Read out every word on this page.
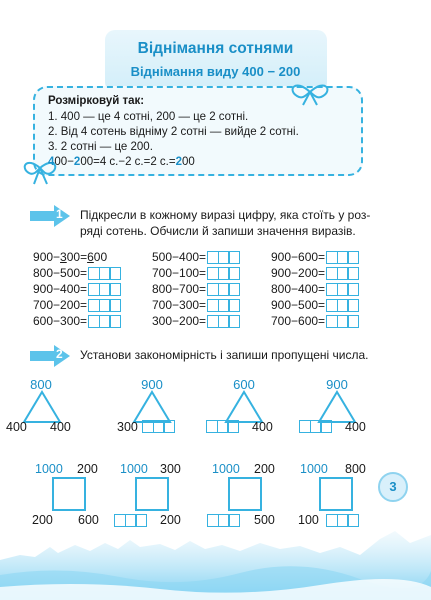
Віднімання сотнями
Віднімання виду 400 − 200
Розмірковуй так:
1. 400 — це 4 сотні, 200 — це 2 сотні.
2. Від 4 сотень відніму 2 сотні — вийде 2 сотні.
3. 2 сотні — це 200.
400−200=4 с.−2 с.=2 с.=200
1 Підкресли в кожному виразі цифру, яка стоїть у роз-
ряді сотень. Обчисли й запиши значення виразів.
900−300=600
800−500=
900−400=
700−200=
600−300=
500−400=
700−100=
800−700=
700−300=
300−200=
900−600=
900−200=
800−400=
900−500=
700−600=
2 Установи закономірність і запиши пропущені числа.
800
400 400
900
300
600
400
900
400
1000 200
200 600
1000 300
200
1000 200
500
1000 800
100
3
